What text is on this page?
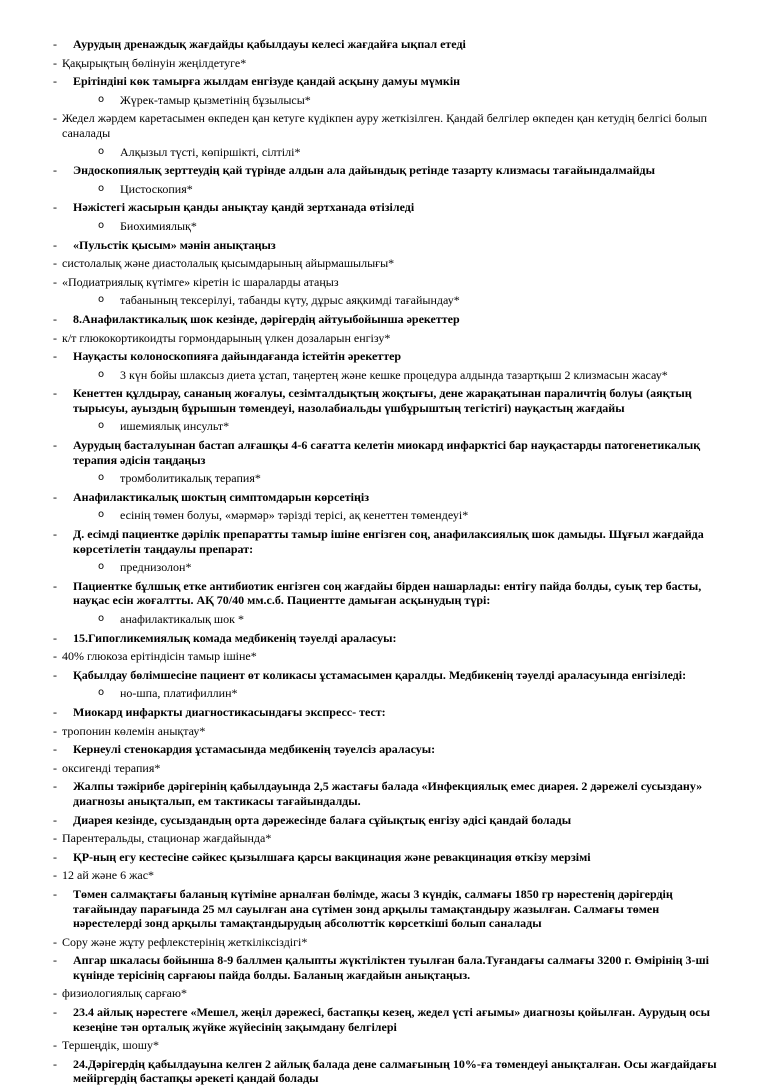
- Аурудың дренаждық жағдайды қабылдауы келесі жағдайға ықпал етеді
- Қақырықтың бөлінуін жеңілдетуге*
- Ерітіндіні көк тамырға жылдам енгізуде қандай асқыну дамуы мүмкін
o Жүрек-тамыр қызметінің бұзылысы*
- Жедел жәрдем каретасымен өкпеден қан кетуге күдікпен ауру жеткізілген. Қандай белгілер өкпеден қан кетудің белгісі болып саналады
o Алқызыл түсті, көпіршікті, сілтілі*
- Эндоскопиялық зерттеудің қай түрінде алдын ала дайындық ретінде тазарту клизмасы тағайындалмайды
o Цистоскопия*
- Нәжістегі жасырын қанды анықтау қандй зертханада өтізіледі
o Биохимиялық*
- «Пульстік қысым» мәнін анықтаңыз
- систолалық және диастолалық қысымдарының айырмашылығы*
- «Подиатриялық күтімге» кіретін іс шараларды атаңыз
o табанының тексерілуі, табанды күту, дұрыс аяқкимді тағайындау*
- 8.Анафилактикалық шок кезінде, дәрігердің айтуыбойынша әрекеттер
- к/т глюкокортикоидты гормондарының үлкен дозаларын енгізу*
- Науқасты колоноскопияға дайындағанда істейтін әрекеттер
o 3 күн бойы шлаксыз диета ұстап, таңертең және кешке процедура алдында тазартқыш 2 клизмасын жасау*
- Кенеттен құлдырау, сананың жоғалуы, сезімталдықтың жоқтығы, дене жарақатынан параличтің болуы (аяқтың тырысуы, ауыздың бұрышын төмендеуі, назолабиальды үшбұрыштың тегістігі) науқастың жағдайы
o ишемиялық инсульт*
- Аурудың басталуынан бастап алғашқы 4-6 сағатта келетін миокард инфарктісі бар науқастарды патогенетикалық терапия әдісін таңдаңыз
o тромболитикалық терапия*
- Анафилактикалық шоктың симптомдарын көрсетіңіз
o есінің төмен болуы, «мәрмәр» тәрізді терісі, ақ кенеттен төмендеуі*
- Д. есімді пациентке дәрілік препаратты тамыр ішіне енгізген соң, анафилаксиялық шок дамыды. Шұғыл жағдайда көрсетілетін таңдаулы препарат:
o преднизолон*
- Пациентке бұлшық етке антибиотик енгізген соң жағдайы бірден нашарлады: ентігу пайда болды, суық тер басты, науқас есін жоғалтты. АҚ 70/40 мм.с.б. Пациентте дамыған асқынудың түрі:
o анафилактикалық шок *
- 15.Гипогликемиялық комада медбикенің тәуелді араласуы:
- 40% глюкоза ерітіндісін тамыр ішіне*
- Қабылдау бөлімшесіне пациент өт коликасы ұстамасымен қаралды. Медбикенің тәуелді араласуында енгізіледі:
o но-шпа, платифиллин*
- Миокард инфаркты диагностикасындағы экспресс- тест:
- тропонин көлемін анықтау*
- Кернеулі стенокардия ұстамасында медбикенің тәуелсіз араласуы:
- оксигенді терапия*
- Жалпы тәжірибе дәрігерінің қабылдауында 2,5 жастағы балада «Инфекциялық емес диарея. 2 дәрежелі сусыздану» диагнозы анықталып, ем тактикасы тағайындалды.
- Диарея кезінде, сусыздандың орта дәрежесінде балаға сұйықтық енгізу әдісі қандай болады
- Парентеральды, стационар жағдайында*
- ҚР-ның егу кестесіне сәйкес қызылшаға қарсы вакцинация және ревакцинация өткізу мерзімі
- 12 ай және 6 жас*
- Төмен салмақтағы баланың күтіміне арналған бөлімде, жасы 3 күндік, салмағы 1850 гр нәрестенің дәрігердің тағайындау парағында 25 мл сауылған ана сүтімен зонд арқылы тамақтандыру жазылған. Салмағы төмен нәрестелерді зонд арқылы тамақтандырудың абсолюттік көрсеткіші болып саналады
- Сору және жұту рефлекстерінің жеткіліксіздігі*
- Апгар шкаласы бойынша 8-9 баллмен қалыпты жүктіліктен туылған бала.Туғандағы салмағы 3200 г. Өмірінің 3-ші күнінде терісінің сарғаюы пайда болды. Баланың жағдайын анықтаңыз.
- физиологиялық сарғаю*
- 23.4 айлық нәрестеге «Мешел, жеңіл дәрежесі, бастапқы кезең, жедел үсті ағымы» диагнозы қойылған. Аурудың осы кезеңіне тән орталық жүйке жүйесінің зақымдану белгілері
- Тершеңдік, шошу*
- 24.Дәрігердің қабылдауына келген 2 айлық балада дене салмағының 10%-ға төмендеуі анықталған. Осы жағдайдағы мейіргердің бастапқы әрекеті қандай болады
